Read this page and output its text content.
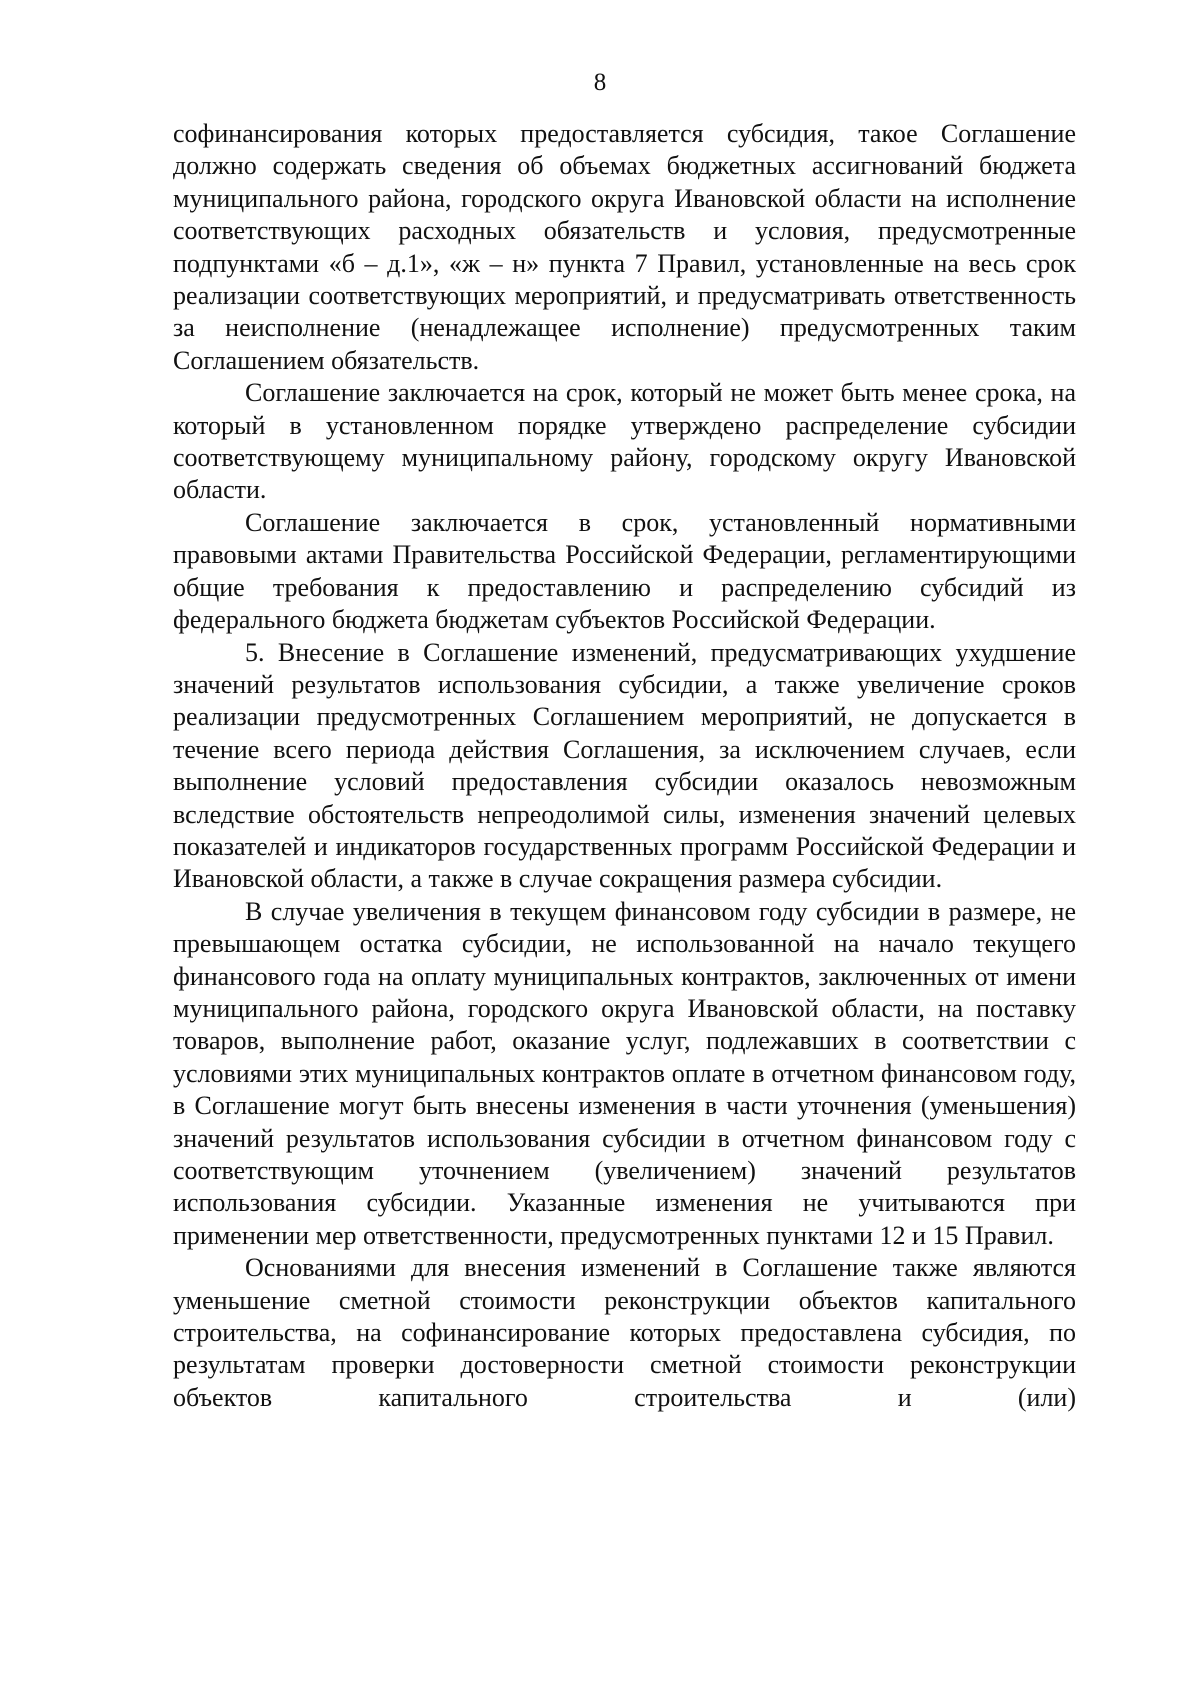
8

софинансирования которых предоставляется субсидия, такое Соглашение должно содержать сведения об объемах бюджетных ассигнований бюджета муниципального района, городского округа Ивановской области на исполнение соответствующих расходных обязательств и условия, предусмотренные подпунктами «б – д.1», «ж – н» пункта 7 Правил, установленные на весь срок реализации соответствующих мероприятий, и предусматривать ответственность за неисполнение (ненадлежащее исполнение) предусмотренных таким Соглашением обязательств.

Соглашение заключается на срок, который не может быть менее срока, на который в установленном порядке утверждено распределение субсидии соответствующему муниципальному району, городскому округу Ивановской области.

Соглашение заключается в срок, установленный нормативными правовыми актами Правительства Российской Федерации, регламентирующими общие требования к предоставлению и распределению субсидий из федерального бюджета бюджетам субъектов Российской Федерации.

5. Внесение в Соглашение изменений, предусматривающих ухудшение значений результатов использования субсидии, а также увеличение сроков реализации предусмотренных Соглашением мероприятий, не допускается в течение всего периода действия Соглашения, за исключением случаев, если выполнение условий предоставления субсидии оказалось невозможным вследствие обстоятельств непреодолимой силы, изменения значений целевых показателей и индикаторов государственных программ Российской Федерации и Ивановской области, а также в случае сокращения размера субсидии.

В случае увеличения в текущем финансовом году субсидии в размере, не превышающем остатка субсидии, не использованной на начало текущего финансового года на оплату муниципальных контрактов, заключенных от имени муниципального района, городского округа Ивановской области, на поставку товаров, выполнение работ, оказание услуг, подлежавших в соответствии с условиями этих муниципальных контрактов оплате в отчетном финансовом году, в Соглашение могут быть внесены изменения в части уточнения (уменьшения) значений результатов использования субсидии в отчетном финансовом году с соответствующим уточнением (увеличением) значений результатов использования субсидии. Указанные изменения не учитываются при применении мер ответственности, предусмотренных пунктами 12 и 15 Правил.

Основаниями для внесения изменений в Соглашение также являются уменьшение сметной стоимости реконструкции объектов капитального строительства, на софинансирование которых предоставлена субсидия, по результатам проверки достоверности сметной стоимости реконструкции объектов капитального строительства и (или)
